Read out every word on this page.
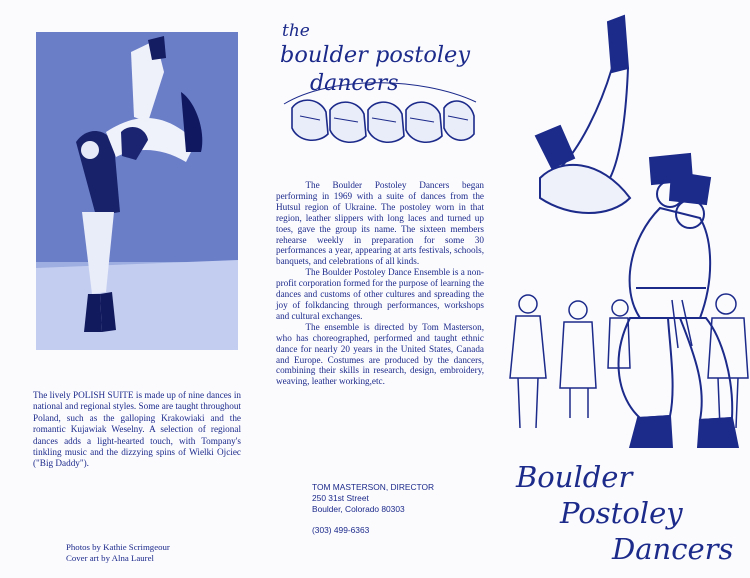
The lively POLISH SUITE is made up of nine dances in national and regional styles. Some are taught throughout Poland, such as the galloping Krakowiaki and the romantic Kujawiak Weselny. A selection of regional dances adds a light-hearted touch, with Tompany's tinkling music and the dizzying spins of Wielki Ojciec ("Big Daddy").
Photos by Kathie Scrimgeour
Cover art by Alna Laurel
the
boulder postoley
dancers

The Boulder Postoley Dancers began performing in 1969 with a suite of dances from the Hutsul region of Ukraine. The postoley worn in that region, leather slippers with long laces and turned up toes, gave the group its name. The sixteen members rehearse weekly in preparation for some 30 performances a year, appearing at arts festivals, schools, banquets, and celebrations of all kinds.

The Boulder Postoley Dance Ensemble is a non-profit corporation formed for the purpose of learning the dances and customs of other cultures and spreading the joy of folkdancing through performances, workshops and cultural exchanges.

The ensemble is directed by Tom Masterson, who has choreographed, performed and taught ethnic dance for nearly 20 years in the United States, Canada and Europe. Costumes are produced by the dancers, combining their skills in research, design, embroidery, weaving, leather working,etc.

TOM MASTERSON, DIRECTOR
250 31st Street
Boulder, Colorado 80303
(303) 499-6363
Boulder
Postoley
Dancers
